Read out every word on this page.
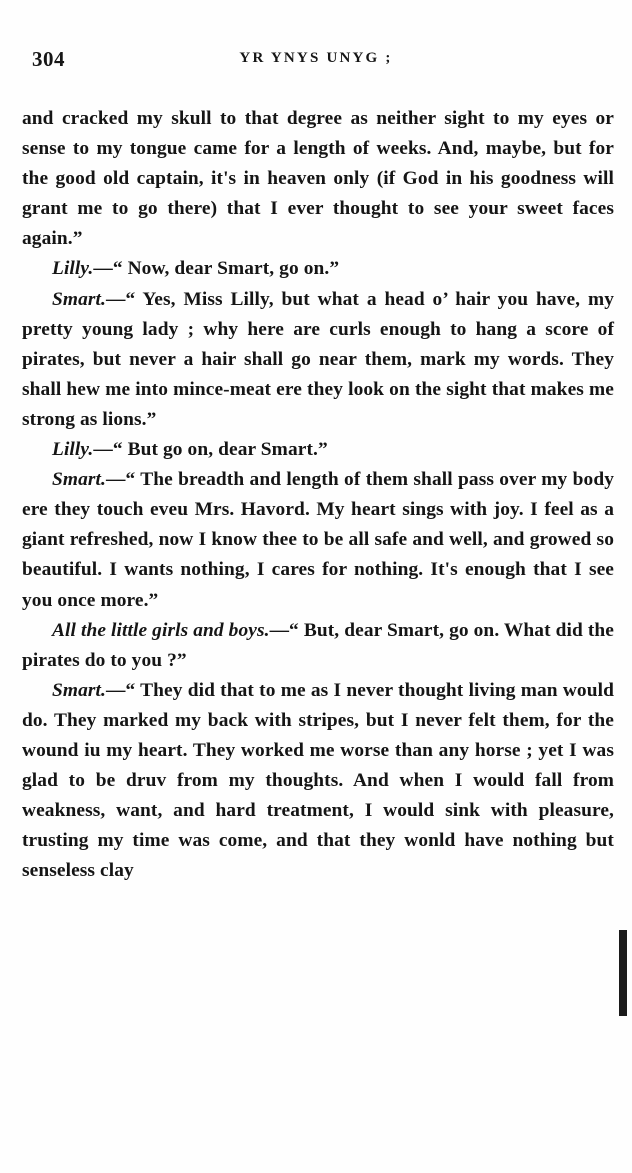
304	YR YNYS UNYG ;

and cracked my skull to that degree as neither sight to my eyes or sense to my tongue came for a length of weeks. And, maybe, but for the good old captain, it's in heaven only (if God in his goodness will grant me to go there) that I ever thought to see your sweet faces again.”

Lilly.—“ Now, dear Smart, go on.”

Smart.—“ Yes, Miss Lilly, but what a head o’ hair you have, my pretty young lady ; why here are curls enough to hang a score of pirates, but never a hair shall go near them, mark my words. They shall hew me into mince-meat ere they look on the sight that makes me strong as lions.”

Lilly.—“ But go on, dear Smart.”

Smart.—“ The breadth and length of them shall pass over my body ere they touch eveu Mrs. Havord. My heart sings with joy. I feel as a giant refreshed, now I know thee to be all safe and well, and growed so beautiful. I wants nothing, I cares for nothing. It's enough that I see you once more.”

All the little girls and boys.—“ But, dear Smart, go on. What did the pirates do to you ?”

Smart.—“ They did that to me as I never thought living man would do. They marked my back with stripes, but I never felt them, for the wound iu my heart. They worked me worse than any horse ; yet I was glad to be druv from my thoughts. And when I would fall from weakness, want, and hard treatment, I would sink with pleasure, trusting my time was come, and that they wonld have nothing but senseless clay
